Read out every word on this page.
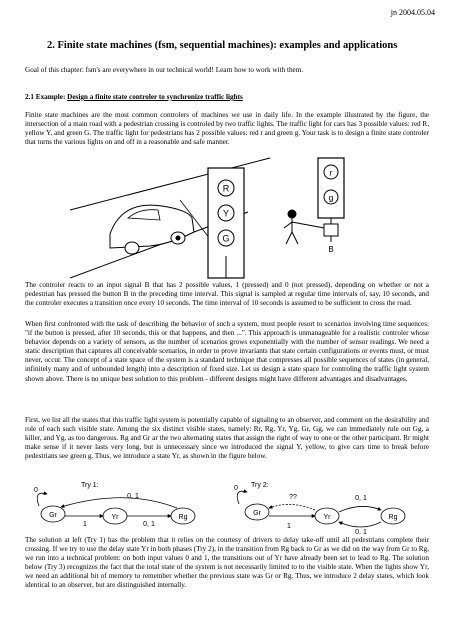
jn 2004.05.04
2. Finite state machines (fsm, sequential machines): examples and applications

Goal of this chapter: fsm's are everywhere in our technical world! Learn how to work with them.

2.1 Example: Design a finite state controler to synchronize traffic lights

Finite state machines are the most common controlers of machines we use in daily life. In the example illustrated by the figure, the intersection of a main road with a pedestrian crossing is controled by two traffic lights. The traffic light for cars has 3 possible values: red R, yellow Y, and green G. The traffic light for pedestrians has 2 possible values: red r and green g. Your task is to design a finite state controler that turns the various lights on and off in a reasonable and safe manner.

R
Y
G
r
g
B

The controler reacts to an input signal B that has 2 possible values, 1 (pressed) and 0 (not pressed), depending on whether or not a pedestrian has pressed the button B in the preceding time interval. This signal is sampled at regular time intervals of, say, 10 seconds, and the controler executes a transition once every 10 seconds. The time interval of 10 seconds is assumed to be sufficient to cross the road.

When first confronted with the task of describing the behavior of such a system, most people resort to scenarios involving time sequences: "if the button is pressed, after 10 seconds, this or that happens, and then ...". This approach is unmanageable for a realistic controler whose behavior depends on a variety of sensors, as the number of scenarios grows exponentially with the number of sensor readings. We need a static description that captures all conceivable scenarios, in order to prove invariants that state certain configurations or events must, or must never, occur. The concept of a state space of the system is a standard technique that compresses all possible sequences of states (in general, infinitely many and of unbounded length) into a description of fixed size. Let us design a state space for controling the traffic light system shown above. There is no unique best solution to this problem - different designs might have different advantages and disadvantages.

First, we list all the states that this traffic light system is potentially capable of signaling to an observer, and comment on the desirability and role of each such visible state. Among the six distinct visible states, namely: Rr, Rg, Yr, Yg, Gr, Gg, we can immediately rule out Gg, a killer, and Yg, as too dangerous. Rg and Gr ar the two alternating states that assign the right of way to one or the other participant. Rr might make sense if it never lasts very long, but is unnecessary since we introduced the signal Y, yellow, to give cars time to break before pedestrians see green g. Thus, we introduce a state Yr, as shown in the figure below.

Try 1:
0
Gr
1
Yr
0, 1
Rg
0, 1
Try 2:
0
Gr
1
??
Yr
0, 1
0, 1
Rg

The solution at left (Try 1) has the problem that it relies on the courtesy of drivers to delay take-off until all pedestrians complete their crossing. If we try to use the delay state Yr in both phases (Try 2), in the transition from Rg back to Gr as we did on the way from Gr to Rg, we run into a technical problem: on both input values 0 and 1, the transitions out of Yr have already been set to lead to Rg. The solution below (Try 3) recognizes the fact that the total state of the system is not necessarily limited to to the visible state. When the lights show Yr, we need an additional bit of memory to remember whether the previous state was Gr or Rg. Thus, we introduce 2 delay states, which look identical to an observer, but are distinguished internally.
